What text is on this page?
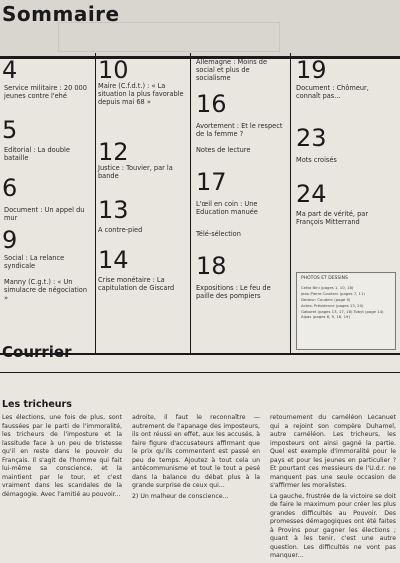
Sommaire
4
Service militaire : 20 000 jeunes contre l'ehé
5
Editorial : La double bataille
6
Document : Un appel du mur
9
Social : La relance syndicale
Manny (C.g.t.) : « Un simulacre de négociation »
10
Maire (C.f.d.t.) : « La situation la plus favorable depuis mai 68 »
12
Justice : Touvier, par la bande
13
A contre-pied
14
Crise monétaire : La capitulation de Giscard
Allemagne : Moins de social et plus de socialisme
16
Avortement : Et le respect de la femme ?
Notes de lecture
17
L'œil en coin : Une Education manuée
Télé-sélection
18
Expositions : Le feu de paille des pompiers
19
Document : Chômeur, connaît pas...
23
Mots croisés
24
Ma part de vérité, par François Mitterrand
PHOTOS ET DESSINS
Cetta Bini (pages 1, 10, 18)
Jean-Pierre Couderc (pages 7, 11)
Dedeur: Couderc (page 9)
Actes: Présidence (pages 13, 20)
Gaboret (pages 13, 17, 18) Tobyt (page 14) Alpas (pages 6, 9, 18, 19)
Courrier
Les tricheurs

Les élections, une fois de plus, sont faussées par le parti de l'immoralité, les tricheurs de l'imposture et la lassitude face à un peu de tristesse qu'il en reste dans le pouvoir du Français. Il s'agit de l'homme qui fait lui-même sa conscience, et la maintient par le tour, et c'est vraiment dans les scandales de la démagogie. Avec l'amitié au pouvoir...

adroite, il faut le reconnaître — autrement de l'apanage des imposteurs, ils ont réussi en effet, aux les accusés, à faire figure d'accusateurs affirmant que le prix qu'ils commentent est passé en peu de temps. Ajoutez à tout cela un antécommunisme et tout le tout a pesé dans la balance du débat plus à la grande surprise de ceux qui...

2) Un malheur de conscience...

retournement du caméléon Lecanuet qui a rejoint son compère Duhamel, autre caméléon. Les tricheurs, les imposteurs ont ainsi gagné la partie. Quel est exemple d'immoralité pour le pays et pour les jeunes en particulier ? Et pourtant ces messieurs de l'U.d.r. ne manquent pas une seule occasion de s'affirmer les moralistes.

La gauche, frustrée de la victoire se doit de faire le maximum pour créer les plus grandes difficultés au Pouvoir. Des promesses démagogiques ont été faites à Provins pour gagner les élections ; quant à les tenir, c'est une autre question. Les difficultés ne vont pas manquer...
